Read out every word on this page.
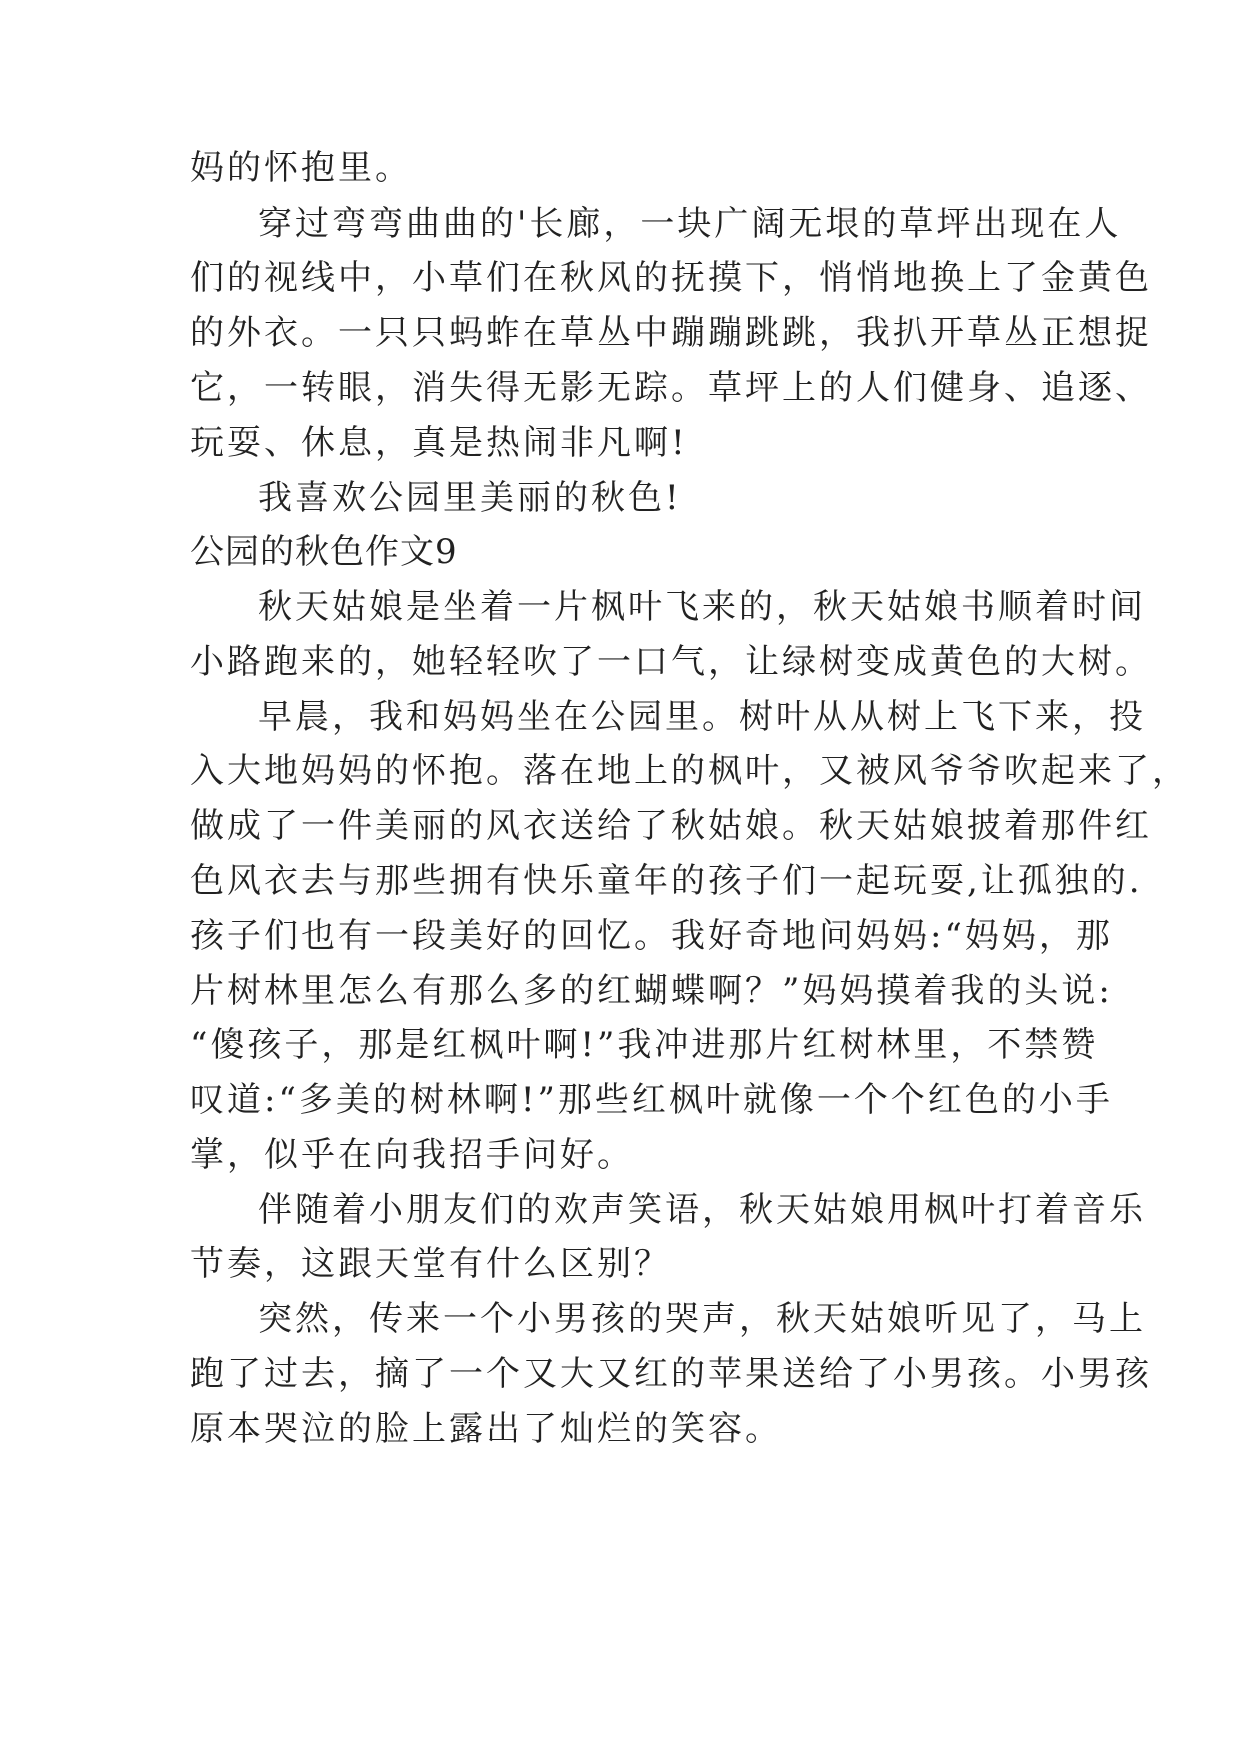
妈的怀抱里。
穿过弯弯曲曲的'长廊，一块广阔无垠的草坪出现在人
们的视线中，小草们在秋风的抚摸下，悄悄地换上了金黄色
的外衣。一只只蚂蚱在草丛中蹦蹦跳跳，我扒开草丛正想捉
它，一转眼，消失得无影无踪。草坪上的人们健身、追逐、
玩耍、休息，真是热闹非凡啊!
我喜欢公园里美丽的秋色!
公园的秋色作文9
秋天姑娘是坐着一片枫叶飞来的，秋天姑娘书顺着时间
小路跑来的，她轻轻吹了一口气，让绿树变成黄色的大树。
早晨，我和妈妈坐在公园里。树叶从从树上飞下来，投
入大地妈妈的怀抱。落在地上的枫叶，又被风爷爷吹起来了，
做成了一件美丽的风衣送给了秋姑娘。秋天姑娘披着那件红
色风衣去与那些拥有快乐童年的孩子们一起玩耍,让孤独的.
孩子们也有一段美好的回忆。我好奇地问妈妈:“妈妈，那
片树林里怎么有那么多的红蝴蝶啊？”妈妈摸着我的头说:
“傻孩子，那是红枫叶啊!”我冲进那片红树林里，不禁赞
叹道:“多美的树林啊!”那些红枫叶就像一个个红色的小手
掌，似乎在向我招手问好。
伴随着小朋友们的欢声笑语，秋天姑娘用枫叶打着音乐
节奏，这跟天堂有什么区别？
突然，传来一个小男孩的哭声，秋天姑娘听见了，马上
跑了过去，摘了一个又大又红的苹果送给了小男孩。小男孩
原本哭泣的脸上露出了灿烂的笑容。
